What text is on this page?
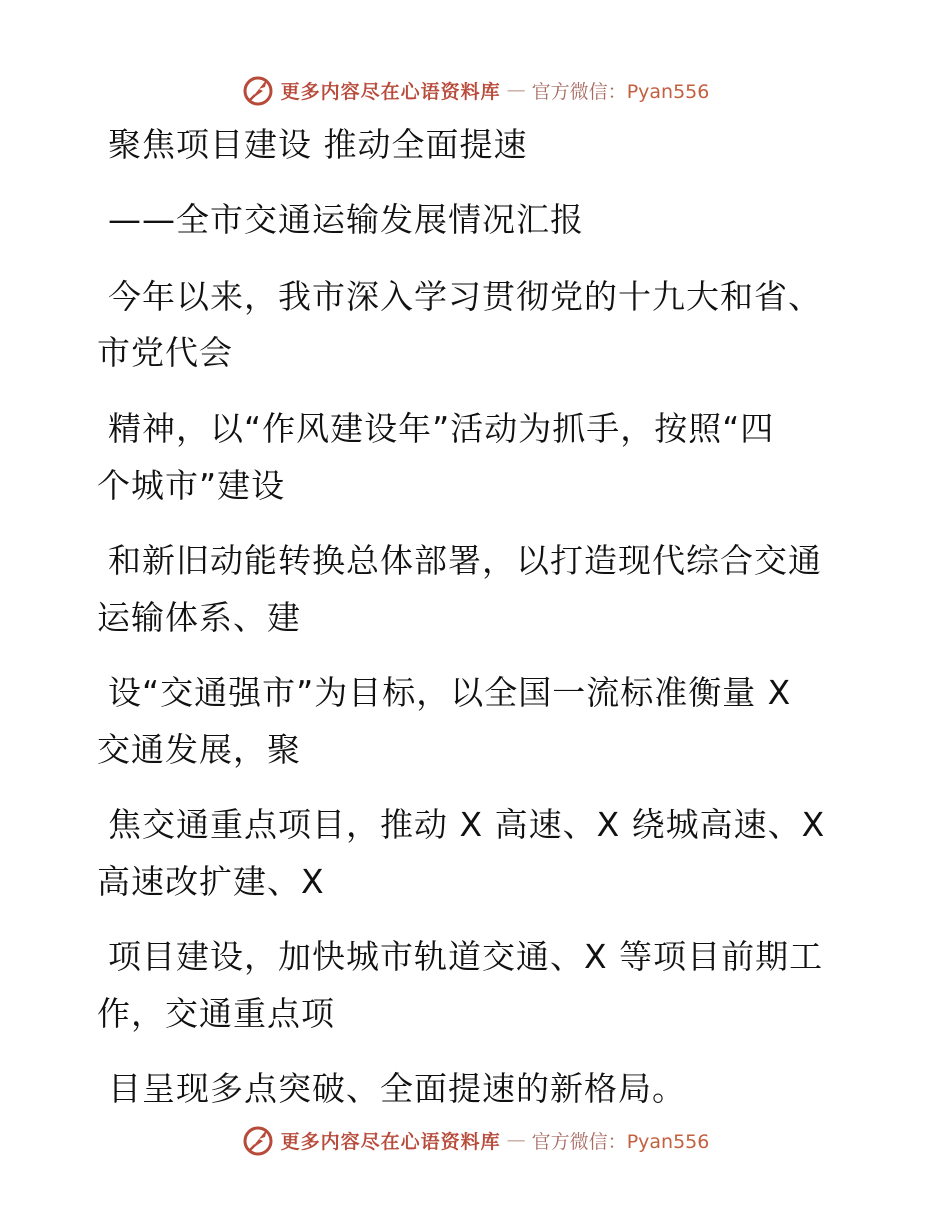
更多内容尽在心语资料库 — 官方微信：Pyan556
聚焦项目建设 推动全面提速
——全市交通运输发展情况汇报
今年以来，我市深入学习贯彻党的十九大和省、
市党代会
精神，以“作风建设年”活动为抓手，按照“四
个城市”建设
和新旧动能转换总体部署，以打造现代综合交通
运输体系、建
设“交通强市”为目标，以全国一流标准衡量 X
交通发展，聚
焦交通重点项目，推动 X 高速、X 绕城高速、X
高速改扩建、X
项目建设，加快城市轨道交通、X 等项目前期工
作，交通重点项
目呈现多点突破、全面提速的新格局。
更多内容尽在心语资料库 — 官方微信：Pyan556
